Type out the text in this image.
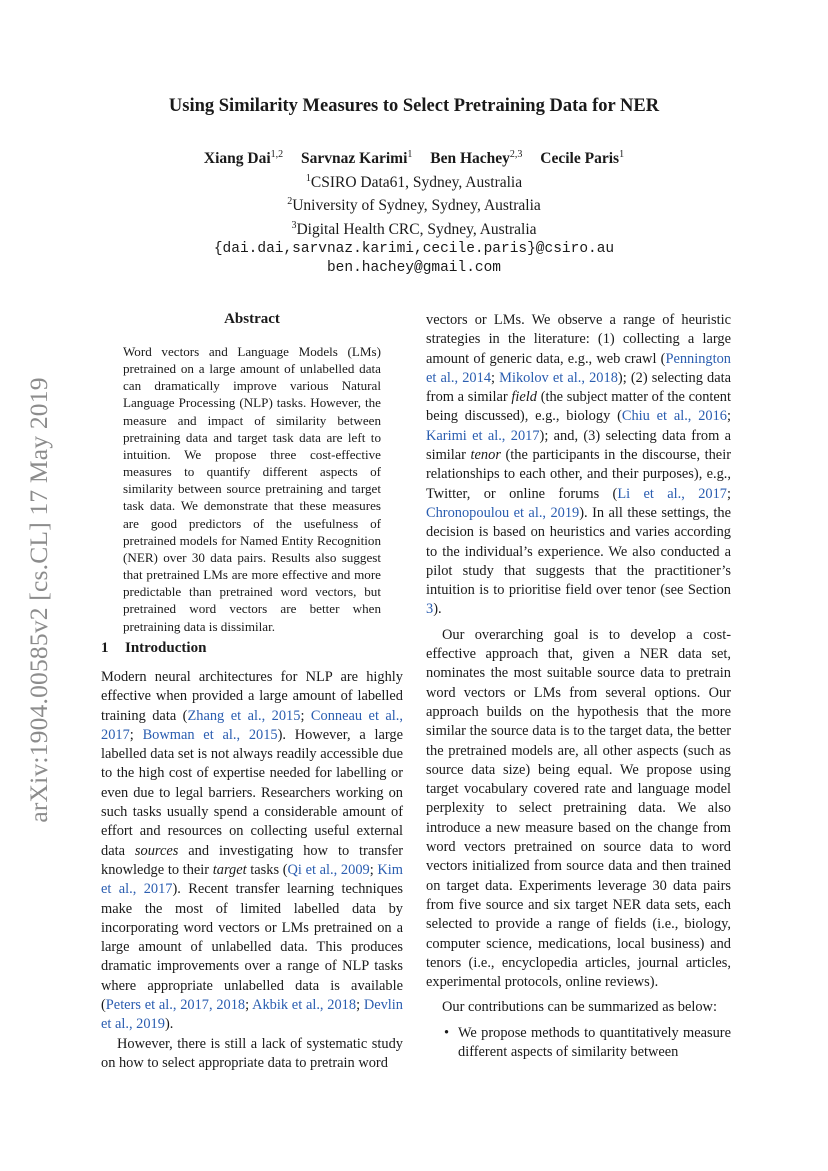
arXiv:1904.00585v2 [cs.CL] 17 May 2019
Using Similarity Measures to Select Pretraining Data for NER
Xiang Dai$^{1,2}$ Sarvnaz Karimi$^1$ Ben Hachey$^{2,3}$ Cecile Paris$^1$
$^1$CSIRO Data61, Sydney, Australia
$^2$University of Sydney, Sydney, Australia
$^3$Digital Health CRC, Sydney, Australia
{dai.dai,sarvnaz.karimi,cecile.paris}@csiro.au
ben.hachey@gmail.com
Abstract
Word vectors and Language Models (LMs) pretrained on a large amount of unlabelled data can dramatically improve various Natural Language Processing (NLP) tasks. However, the measure and impact of similarity between pretraining data and target task data are left to intuition. We propose three cost-effective measures to quantify different aspects of similarity between source pretraining and target task data. We demonstrate that these measures are good predictors of the usefulness of pretrained models for Named Entity Recognition (NER) over 30 data pairs. Results also suggest that pretrained LMs are more effective and more predictable than pretrained word vectors, but pretrained word vectors are better when pretraining data is dissimilar.
1 Introduction

Modern neural architectures for NLP are highly effective when provided a large amount of labelled training data (Zhang et al., 2015; Conneau et al., 2017; Bowman et al., 2015). However, a large labelled data set is not always readily accessible due to the high cost of expertise needed for labelling or even due to legal barriers. Researchers working on such tasks usually spend a considerable amount of effort and resources on collecting useful external data sources and investigating how to transfer knowledge to their target tasks (Qi et al., 2009; Kim et al., 2017). Recent transfer learning techniques make the most of limited labelled data by incorporating word vectors or LMs pretrained on a large amount of unlabelled data. This produces dramatic improvements over a range of NLP tasks where appropriate unlabelled data is available (Peters et al., 2017, 2018; Akbik et al., 2018; Devlin et al., 2019).

However, there is still a lack of systematic study on how to select appropriate data to pretrain word

vectors or LMs. We observe a range of heuristic strategies in the literature: (1) collecting a large amount of generic data, e.g., web crawl (Pennington et al., 2014; Mikolov et al., 2018); (2) selecting data from a similar field (the subject matter of the content being discussed), e.g., biology (Chiu et al., 2016; Karimi et al., 2017); and, (3) selecting data from a similar tenor (the participants in the discourse, their relationships to each other, and their purposes), e.g., Twitter, or online forums (Li et al., 2017; Chronopoulou et al., 2019). In all these settings, the decision is based on heuristics and varies according to the individual’s experience. We also conducted a pilot study that suggests that the practitioner’s intuition is to prioritise field over tenor (see Section 3).

Our overarching goal is to develop a cost-effective approach that, given a NER data set, nominates the most suitable source data to pretrain word vectors or LMs from several options. Our approach builds on the hypothesis that the more similar the source data is to the target data, the better the pretrained models are, all other aspects (such as source data size) being equal. We propose using target vocabulary covered rate and language model perplexity to select pretraining data. We also introduce a new measure based on the change from word vectors pretrained on source data to word vectors initialized from source data and then trained on target data. Experiments leverage 30 data pairs from five source and six target NER data sets, each selected to provide a range of fields (i.e., biology, computer science, medications, local business) and tenors (i.e., encyclopedia articles, journal articles, experimental protocols, online reviews).

Our contributions can be summarized as below:

• We propose methods to quantitatively measure different aspects of similarity between
